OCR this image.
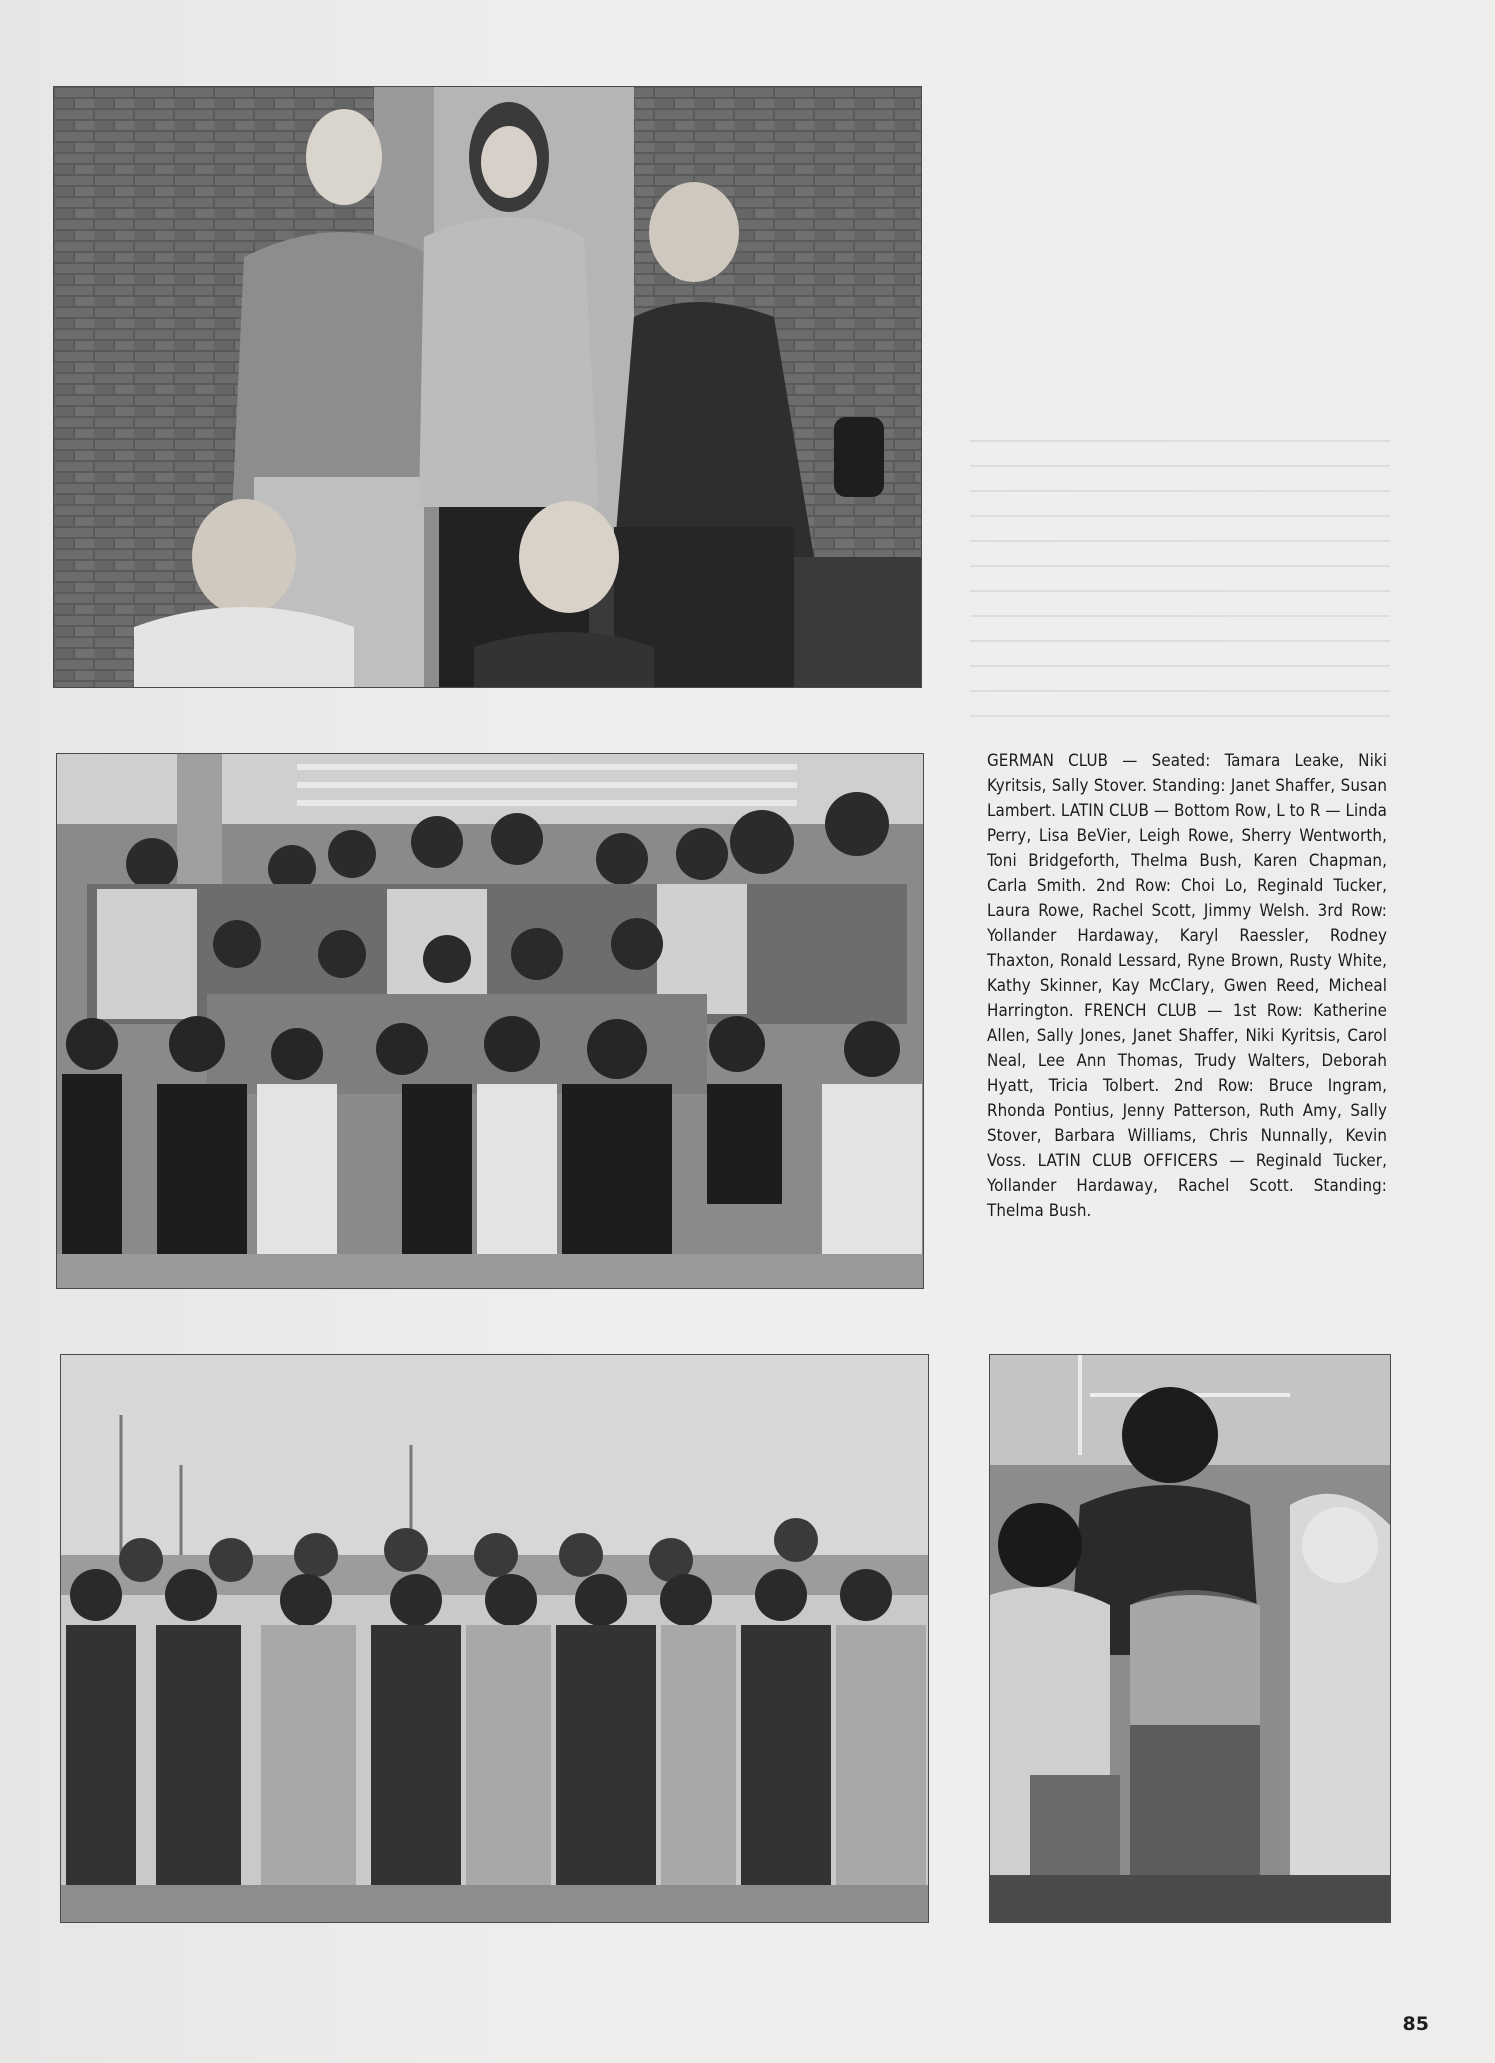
GERMAN CLUB — Seated: Tamara Leake, Niki Kyritsis, Sally Stover. Standing: Janet Shaffer, Susan Lambert. LATIN CLUB — Bottom Row, L to R — Linda Perry, Lisa BeVier, Leigh Rowe, Sherry Wentworth, Toni Bridgeforth, Thelma Bush, Karen Chapman, Carla Smith. 2nd Row: Choi Lo, Reginald Tucker, Laura Rowe, Rachel Scott, Jimmy Welsh. 3rd Row: Yollander Hardaway, Karyl Raessler, Rodney Thaxton, Ronald Lessard, Ryne Brown, Rusty White, Kathy Skinner, Kay McClary, Gwen Reed, Micheal Harrington. FRENCH CLUB — 1st Row: Katherine Allen, Sally Jones, Janet Shaffer, Niki Kyritsis, Carol Neal, Lee Ann Thomas, Trudy Walters, Deborah Hyatt, Tricia Tolbert. 2nd Row: Bruce Ingram, Rhonda Pontius, Jenny Patterson, Ruth Amy, Sally Stover, Barbara Williams, Chris Nunnally, Kevin Voss. LATIN CLUB OFFICERS — Reginald Tucker, Yollander Hardaway, Rachel Scott. Standing: Thelma Bush.
85
